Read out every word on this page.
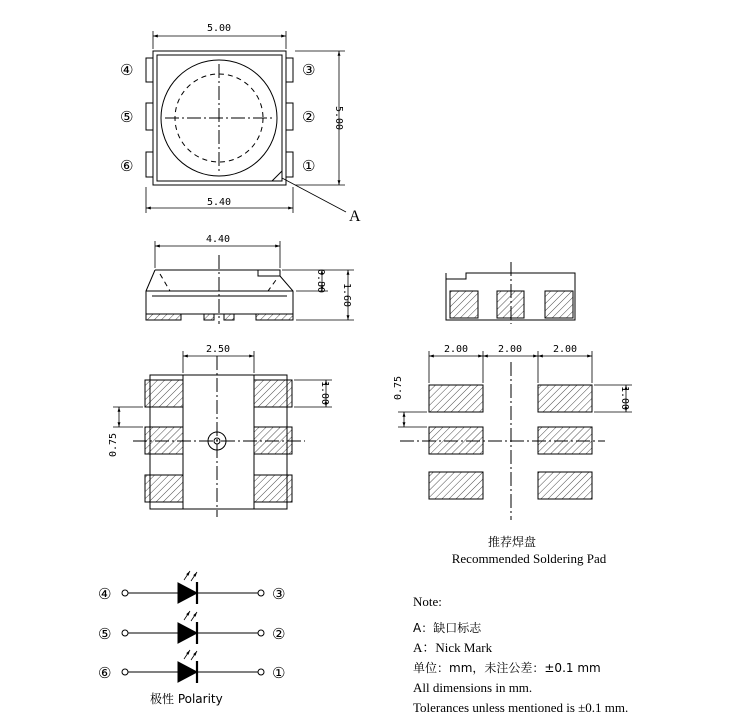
5.00
5.00
5.40
A
④
⑤
⑥
③
②
①
4.40
0.80
1.60
2.50
1.00
0.75
2.00	2.00	2.00
0.75	1.00
推荐焊盘
Recommended Soldering Pad
④
⑤
⑥
③
②
①
极性 Polarity
Note:
A：缺口标志
A：Nick Mark
单位：mm，未注公差：±0.1 mm
All dimensions in mm.
Tolerances unless mentioned is ±0.1 mm.
